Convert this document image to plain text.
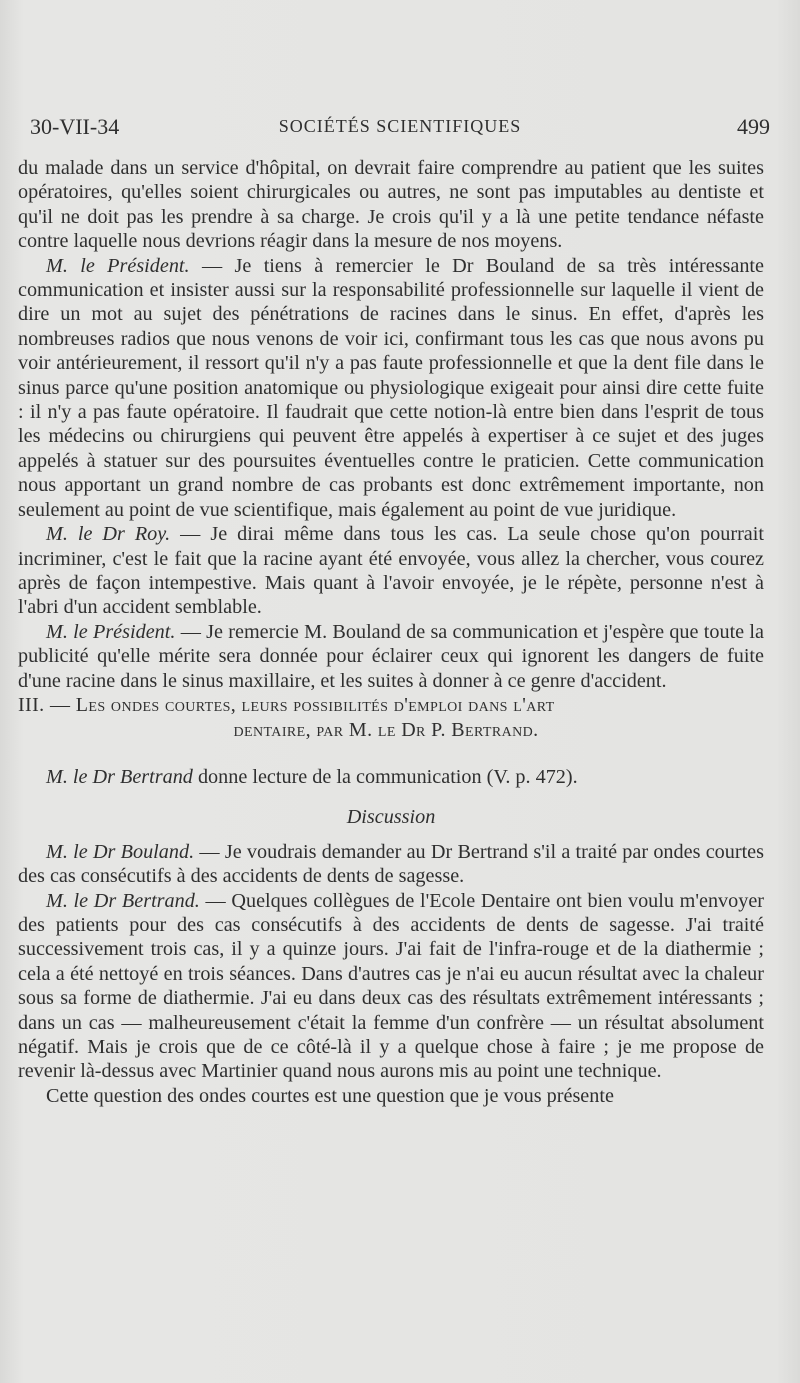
30-VII-34	SOCIÉTÉS SCIENTIFIQUES	499

du malade dans un service d'hôpital, on devrait faire comprendre au patient que les suites opératoires, qu'elles soient chirurgicales ou autres, ne sont pas imputables au dentiste et qu'il ne doit pas les prendre à sa charge. Je crois qu'il y a là une petite tendance néfaste contre laquelle nous devrions réagir dans la mesure de nos moyens.

M. le Président. — Je tiens à remercier le Dr Bouland de sa très intéressante communication et insister aussi sur la responsabilité professionnelle sur laquelle il vient de dire un mot au sujet des pénétrations de racines dans le sinus. En effet, d'après les nombreuses radios que nous venons de voir ici, confirmant tous les cas que nous avons pu voir antérieurement, il ressort qu'il n'y a pas faute professionnelle et que la dent file dans le sinus parce qu'une position anatomique ou physiologique exigeait pour ainsi dire cette fuite : il n'y a pas faute opératoire. Il faudrait que cette notion-là entre bien dans l'esprit de tous les médecins ou chirurgiens qui peuvent être appelés à expertiser à ce sujet et des juges appelés à statuer sur des poursuites éventuelles contre le praticien. Cette communication nous apportant un grand nombre de cas probants est donc extrêmement importante, non seulement au point de vue scientifique, mais également au point de vue juridique.

M. le Dr Roy. — Je dirai même dans tous les cas. La seule chose qu'on pourrait incriminer, c'est le fait que la racine ayant été envoyée, vous allez la chercher, vous courez après de façon intempestive. Mais quant à l'avoir envoyée, je le répète, personne n'est à l'abri d'un accident semblable.

M. le Président. — Je remercie M. Bouland de sa communication et j'espère que toute la publicité qu'elle mérite sera donnée pour éclairer ceux qui ignorent les dangers de fuite d'une racine dans le sinus maxillaire, et les suites à donner à ce genre d'accident.

III. — Les ondes courtes, leurs possibilités d'emploi dans l'art
dentaire, par M. le Dr P. Bertrand.

M. le Dr Bertrand donne lecture de la communication (V. p. 472).

Discussion

M. le Dr Bouland. — Je voudrais demander au Dr Bertrand s'il a traité par ondes courtes des cas consécutifs à des accidents de dents de sagesse.

M. le Dr Bertrand. — Quelques collègues de l'Ecole Dentaire ont bien voulu m'envoyer des patients pour des cas consécutifs à des accidents de dents de sagesse. J'ai traité successivement trois cas, il y a quinze jours. J'ai fait de l'infra-rouge et de la diathermie ; cela a été nettoyé en trois séances. Dans d'autres cas je n'ai eu aucun résultat avec la chaleur sous sa forme de diathermie. J'ai eu dans deux cas des résultats extrêmement intéressants ; dans un cas — malheureusement c'était la femme d'un confrère — un résultat absolument négatif. Mais je crois que de ce côté-là il y a quelque chose à faire ; je me propose de revenir là-dessus avec Martinier quand nous aurons mis au point une technique.

Cette question des ondes courtes est une question que je vous présente
